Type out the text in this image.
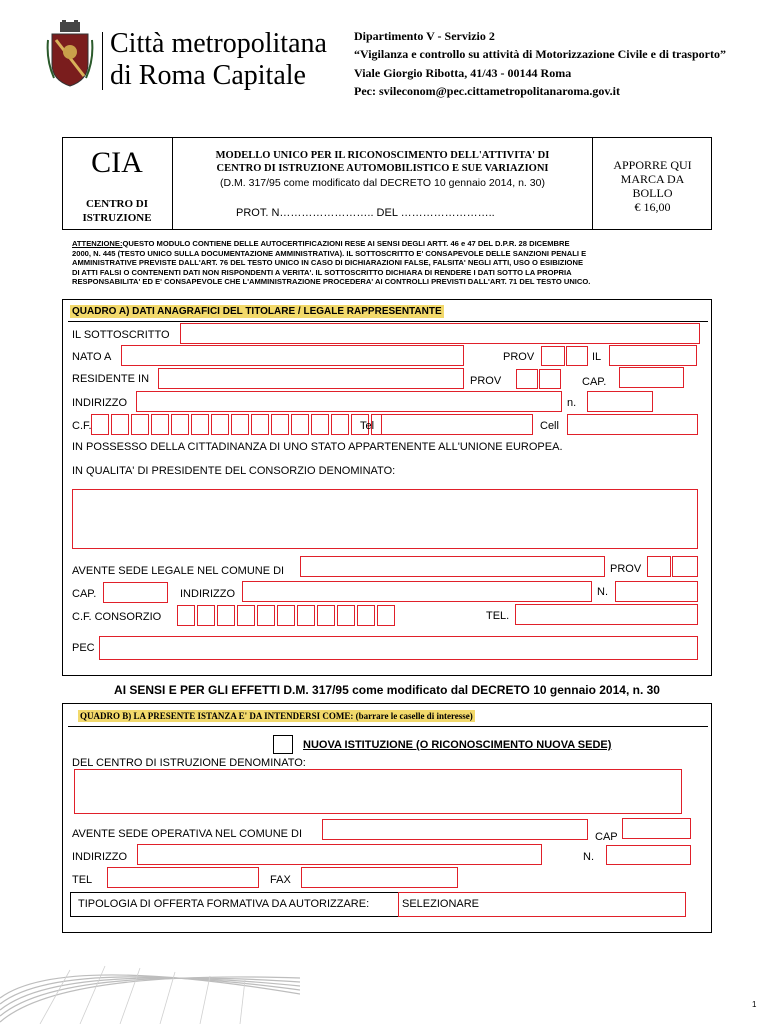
Città metropolitana
di Roma Capitale
Dipartimento V - Servizio 2
“Vigilanza e controllo su attività di Motorizzazione Civile e di trasporto”
Viale Giorgio Ribotta, 41/43 - 00144 Roma
Pec: svileconom@pec.cittametropolitanaroma.gov.it
CIA
CENTRO DI
ISTRUZIONE
MODELLO UNICO PER IL RICONOSCIMENTO DELL'ATTIVITA' DI
CENTRO DI ISTRUZIONE AUTOMOBILISTICO E SUE VARIAZIONI
(D.M. 317/95 come modificato dal DECRETO 10 gennaio 2014, n. 30)
PROT. N…………………….. DEL ……………………..
APPORRE QUI
MARCA DA
BOLLO
€ 16,00
ATTENZIONE:QUESTO MODULO CONTIENE DELLE AUTOCERTIFICAZIONI RESE AI SENSI DEGLI ARTT. 46 e 47 DEL D.P.R. 28 DICEMBRE
2000, N. 445 (TESTO UNICO SULLA DOCUMENTAZIONE AMMINISTRATIVA). IL SOTTOSCRITTO E' CONSAPEVOLE DELLE SANZIONI PENALI E
AMMINISTRATIVE PREVISTE DALL'ART. 76 DEL TESTO UNICO IN CASO DI DICHIARAZIONI FALSE, FALSITA' NEGLI ATTI, USO O ESIBIZIONE
DI ATTI FALSI O CONTENENTI DATI NON RISPONDENTI A VERITA'. IL SOTTOSCRITTO DICHIARA DI RENDERE I DATI SOTTO LA PROPRIA
RESPONSABILITA' ED E' CONSAPEVOLE CHE L'AMMINISTRAZIONE PROCEDERA' AI CONTROLLI PREVISTI DALL'ART. 71 DEL TESTO UNICO.
QUADRO A) DATI ANAGRAFICI DEL TITOLARE / LEGALE RAPPRESENTANTE
IL SOTTOSCRITTO
NATO A	PROV	IL
RESIDENTE IN	PROV	CAP.
INDIRIZZO	n.
C.F.	Tel	Cell
IN POSSESSO DELLA CITTADINANZA DI UNO STATO APPARTENENTE ALL'UNIONE EUROPEA.
IN QUALITA' DI PRESIDENTE DEL CONSORZIO DENOMINATO:
AVENTE SEDE LEGALE NEL COMUNE DI	PROV
CAP.	INDIRIZZO	N.
C.F. CONSORZIO	TEL.
PEC
AI SENSI E PER GLI EFFETTI D.M. 317/95 come modificato dal DECRETO 10 gennaio 2014, n. 30
QUADRO B) LA PRESENTE ISTANZA E' DA INTENDERSI COME: (barrare le caselle di interesse)
NUOVA ISTITUZIONE (O RICONOSCIMENTO NUOVA SEDE)
DEL CENTRO DI ISTRUZIONE DENOMINATO:
AVENTE SEDE OPERATIVA NEL COMUNE DI	CAP
INDIRIZZO	N.
TEL	FAX
TIPOLOGIA DI OFFERTA FORMATIVA DA AUTORIZZARE:	SELEZIONARE
1
